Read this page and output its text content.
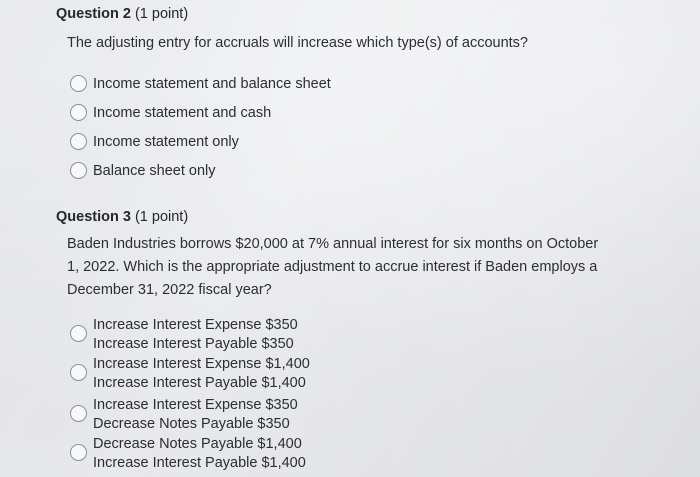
Question 2 (1 point)
The adjusting entry for accruals will increase which type(s) of accounts?
Income statement and balance sheet
Income statement and cash
Income statement only
Balance sheet only
Question 3 (1 point)
Baden Industries borrows $20,000 at 7% annual interest for six months on October
1, 2022. Which is the appropriate adjustment to accrue interest if Baden employs a
December 31, 2022 fiscal year?
Increase Interest Expense $350
Increase Interest Payable $350
Increase Interest Expense $1,400
Increase Interest Payable $1,400
Increase Interest Expense $350
Decrease Notes Payable $350
Decrease Notes Payable $1,400
Increase Interest Payable $1,400
